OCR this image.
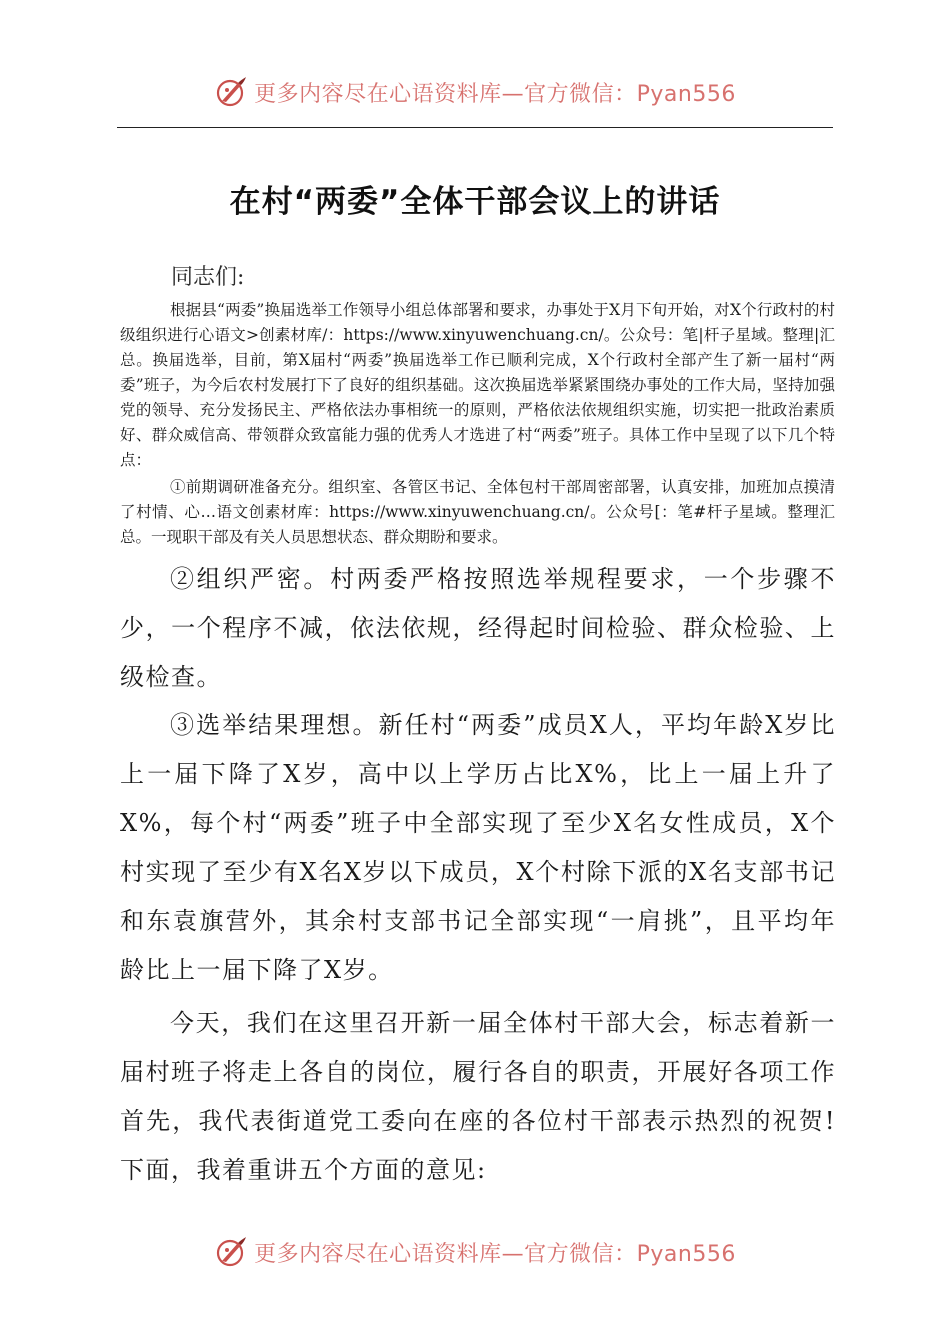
更多内容尽在心语资料库—官方微信：Pyan556
在村“两委”全体干部会议上的讲话
同志们:

根据县“两委”换届选举工作领导小组总体部署和要求，办事处于X月下旬开始，对X个行政村的村级组织进行心语文>创素材库/：https://www.xinyuwenchuang.cn/。公众号：笔|杆子星域。整理|汇总。换届选举，目前，第X届村“两委”换届选举工作已顺利完成，X个行政村全部产生了新一届村“两委”班子，为今后农村发展打下了良好的组织基础。这次换届选举紧紧围绕办事处的工作大局，坚持加强党的领导、充分发扬民主、严格依法办事相统一的原则，严格依法依规组织实施，切实把一批政治素质好、群众威信高、带领群众致富能力强的优秀人才选进了村“两委”班子。具体工作中呈现了以下几个特点：

①前期调研准备充分。组织室、各管区书记、全体包村干部周密部署，认真安排，加班加点摸清了村情、心…语文创素材库：https://www.xinyuwenchuang.cn/。公众号[：笔#杆子星域。整理汇总。一现职干部及有关人员思想状态、群众期盼和要求。

②组织严密。村两委严格按照选举规程要求，一个步骤不少，一个程序不减，依法依规，经得起时间检验、群众检验、上级检查。

③选举结果理想。新任村“两委”成员X人，平均年龄X岁比上一届下降了X岁，高中以上学历占比X%，比上一届上升了X%，每个村“两委”班子中全部实现了至少X名女性成员，X个村实现了至少有X名X岁以下成员，X个村除下派的X名支部书记和东袁旗营外，其余村支部书记全部实现“一肩挑”，且平均年龄比上一届下降了X岁。

今天，我们在这里召开新一届全体村干部大会，标志着新一届村班子将走上各自的岗位，履行各自的职责，开展好各项工作首先，我代表街道党工委向在座的各位村干部表示热烈的祝贺!下面，我着重讲五个方面的意见:

更多内容尽在心语资料库—官方微信：Pyan556
